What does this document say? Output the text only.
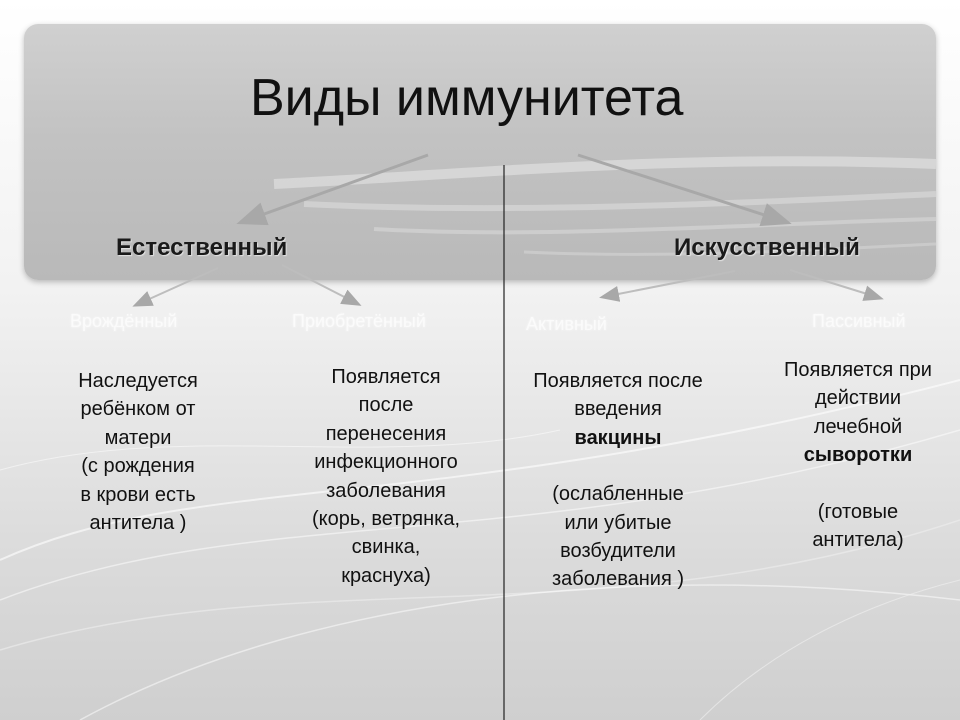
Виды иммунитета
Естественный	Искусственный
Врождённый	Приобретённый	Активный	Пассивный
Наследуется
ребёнком от
матери
(с рождения
в крови есть
антитела )
Появляется
после
перенесения
инфекционного
заболевания
(корь, ветрянка,
свинка,
краснуха)
Появляется после
введения
вакцины
(ослабленные
или убитые
возбудители
заболевания )
Появляется при
действии
лечебной
сыворотки
(готовые
антитела)
